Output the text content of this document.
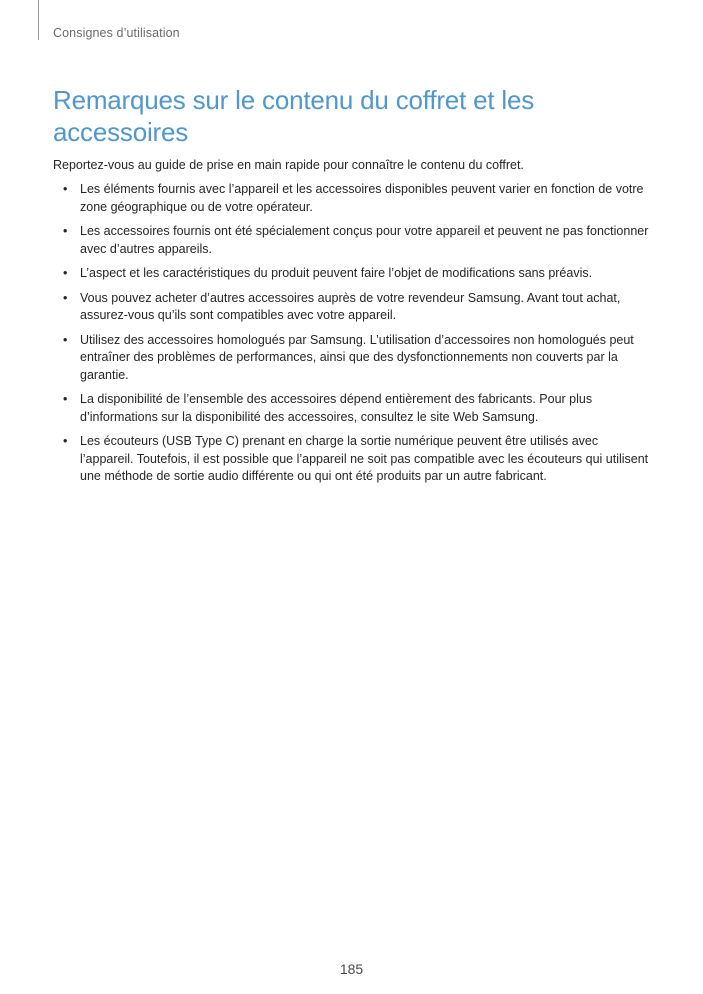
Consignes d’utilisation
Remarques sur le contenu du coffret et les accessoires

Reportez-vous au guide de prise en main rapide pour connaître le contenu du coffret.

• Les éléments fournis avec l’appareil et les accessoires disponibles peuvent varier en fonction de votre zone géographique ou de votre opérateur.
• Les accessoires fournis ont été spécialement conçus pour votre appareil et peuvent ne pas fonctionner avec d’autres appareils.
• L’aspect et les caractéristiques du produit peuvent faire l’objet de modifications sans préavis.
• Vous pouvez acheter d’autres accessoires auprès de votre revendeur Samsung. Avant tout achat, assurez-vous qu’ils sont compatibles avec votre appareil.
• Utilisez des accessoires homologués par Samsung. L’utilisation d’accessoires non homologués peut entraîner des problèmes de performances, ainsi que des dysfonctionnements non couverts par la garantie.
• La disponibilité de l’ensemble des accessoires dépend entièrement des fabricants. Pour plus d’informations sur la disponibilité des accessoires, consultez le site Web Samsung.
• Les écouteurs (USB Type C) prenant en charge la sortie numérique peuvent être utilisés avec l’appareil. Toutefois, il est possible que l’appareil ne soit pas compatible avec les écouteurs qui utilisent une méthode de sortie audio différente ou qui ont été produits par un autre fabricant.
185
